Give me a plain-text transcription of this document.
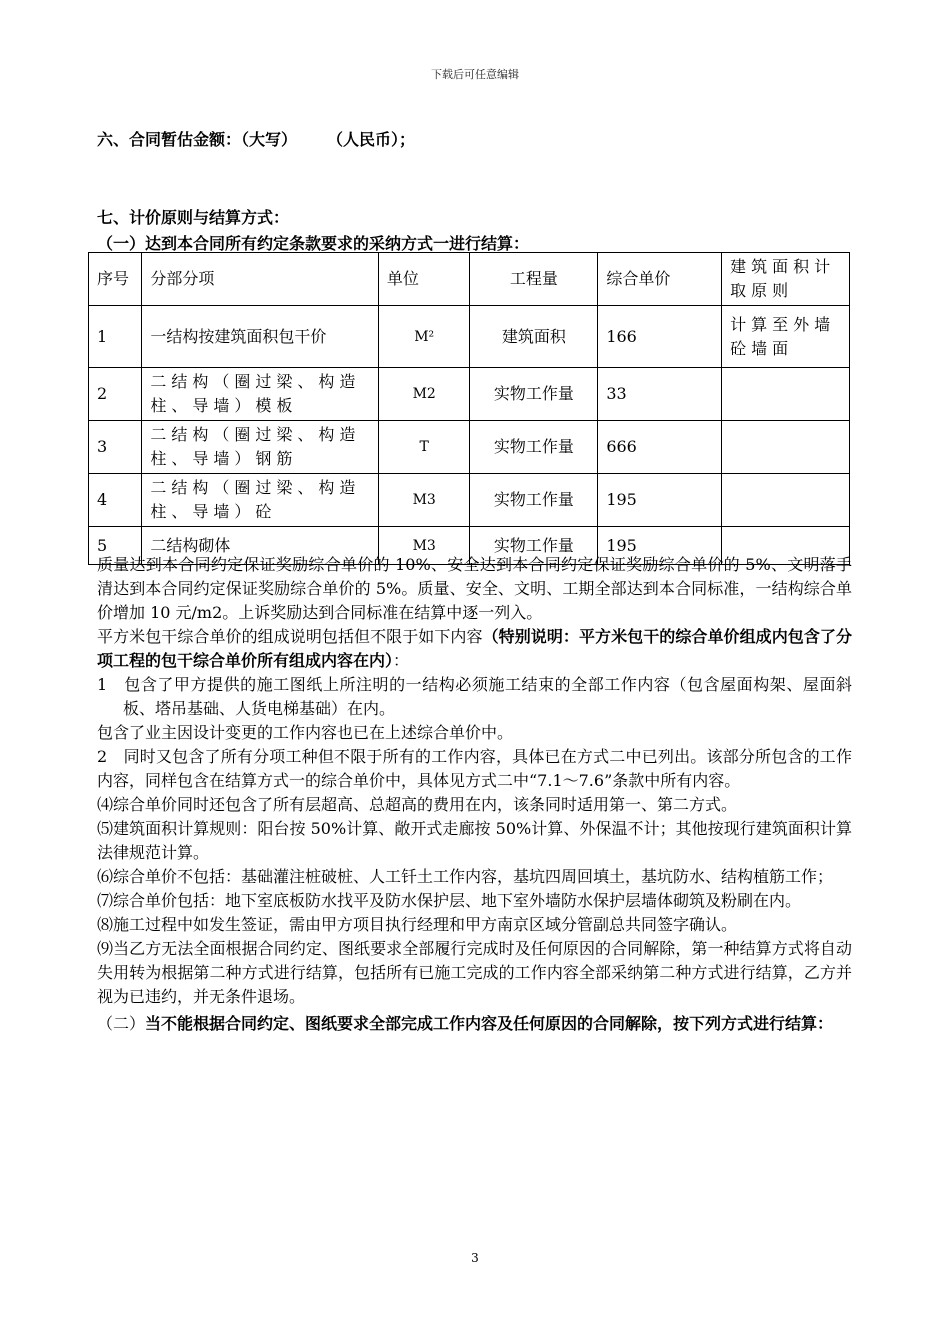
下载后可任意编辑
六、合同暂估金额：（大写） （人民币）；
七、计价原则与结算方式：
（一）达到本合同所有约定条款要求的采纳方式一进行结算：
序号	分部分项	单位	工程量	综合单价	建筑面积计取原则
1	一结构按建筑面积包干价	M²	建筑面积	166	计算至外墙砼墙面
2	二结构（圈过梁、构造柱、导墙）模板	M2	实物工作量	33	
3	二结构（圈过梁、构造柱、导墙）钢筋	T	实物工作量	666	
4	二结构（圈过梁、构造柱、导墙）砼	M3	实物工作量	195	
5	二结构砌体	M3	实物工作量	195	

质量达到本合同约定保证奖励综合单价的 10%、安全达到本合同约定保证奖励综合单价的 5%、文明落手清达到本合同约定保证奖励综合单价的 5%。质量、安全、文明、工期全部达到本合同标准，一结构综合单价增加 10 元/m2。上诉奖励达到合同标准在结算中逐一列入。

平方米包干综合单价的组成说明包括但不限于如下内容（特别说明：平方米包干的综合单价组成内包含了分项工程的包干综合单价所有组成内容在内）：

1　包含了甲方提供的施工图纸上所注明的一结构必须施工结束的全部工作内容（包含屋面构架、屋面斜板、塔吊基础、人货电梯基础）在内。

包含了业主因设计变更的工作内容也已在上述综合单价中。

2　同时又包含了所有分项工种但不限于所有的工作内容，具体已在方式二中已列出。该部分所包含的工作内容，同样包含在结算方式一的综合单价中，具体见方式二中“7.1～7.6”条款中所有内容。

⑷综合单价同时还包含了所有层超高、总超高的费用在内，该条同时适用第一、第二方式。

⑸建筑面积计算规则：阳台按 50%计算、敞开式走廊按 50%计算、外保温不计；其他按现行建筑面积计算法律规范计算。

⑹综合单价不包括：基础灌注桩破桩、人工钎土工作内容，基坑四周回填土，基坑防水、结构植筋工作；

⑺综合单价包括：地下室底板防水找平及防水保护层、地下室外墙防水保护层墙体砌筑及粉刷在内。

⑻施工过程中如发生签证，需由甲方项目执行经理和甲方南京区域分管副总共同签字确认。

⑼当乙方无法全面根据合同约定、图纸要求全部履行完成时及任何原因的合同解除，第一种结算方式将自动失用转为根据第二种方式进行结算，包括所有已施工完成的工作内容全部采纳第二种方式进行结算，乙方并视为已违约，并无条件退场。

（二）当不能根据合同约定、图纸要求全部完成工作内容及任何原因的合同解除，按下列方式进行结算：

3
